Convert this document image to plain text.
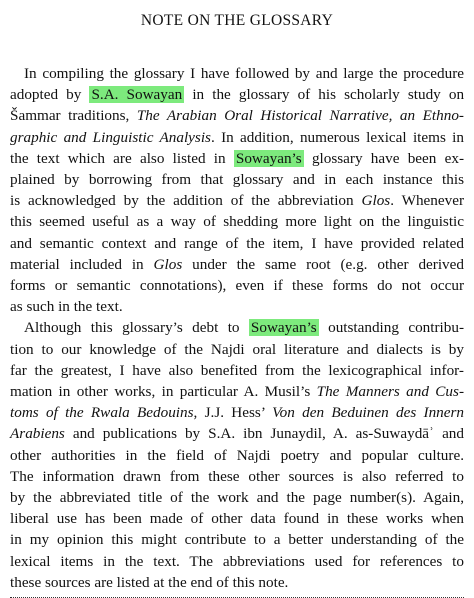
NOTE ON THE GLOSSARY
In compiling the glossary I have followed by and large the procedure
adopted by S.A. Sowayan in the glossary of his scholarly study on
Šammar traditions, The Arabian Oral Historical Narrative, an Ethno-
graphic and Linguistic Analysis. In addition, numerous lexical items in
the text which are also listed in Sowayan’s glossary have been ex-
plained by borrowing from that glossary and in each instance this
is acknowledged by the addition of the abbreviation Glos. Whenever
this seemed useful as a way of shedding more light on the linguistic
and semantic context and range of the item, I have provided related
material included in Glos under the same root (e.g. other derived
forms or semantic connotations), even if these forms do not occur
as such in the text.
Although this glossary’s debt to Sowayan’s outstanding contribu-
tion to our knowledge of the Najdi oral literature and dialects is by
far the greatest, I have also benefited from the lexicographical infor-
mation in other works, in particular A. Musil’s The Manners and Cus-
toms of the Rwala Bedouins, J.J. Hess’ Von den Beduinen des Innern
Arabiens and publications by S.A. ibn Junaydil, A. as-Suwaydāʾ and
other authorities in the field of Najdi poetry and popular culture.
The information drawn from these other sources is also referred to
by the abbreviated title of the work and the page number(s). Again,
liberal use has been made of other data found in these works when
in my opinion this might contribute to a better understanding of the
lexical items in the text. The abbreviations used for references to
these sources are listed at the end of this note.
